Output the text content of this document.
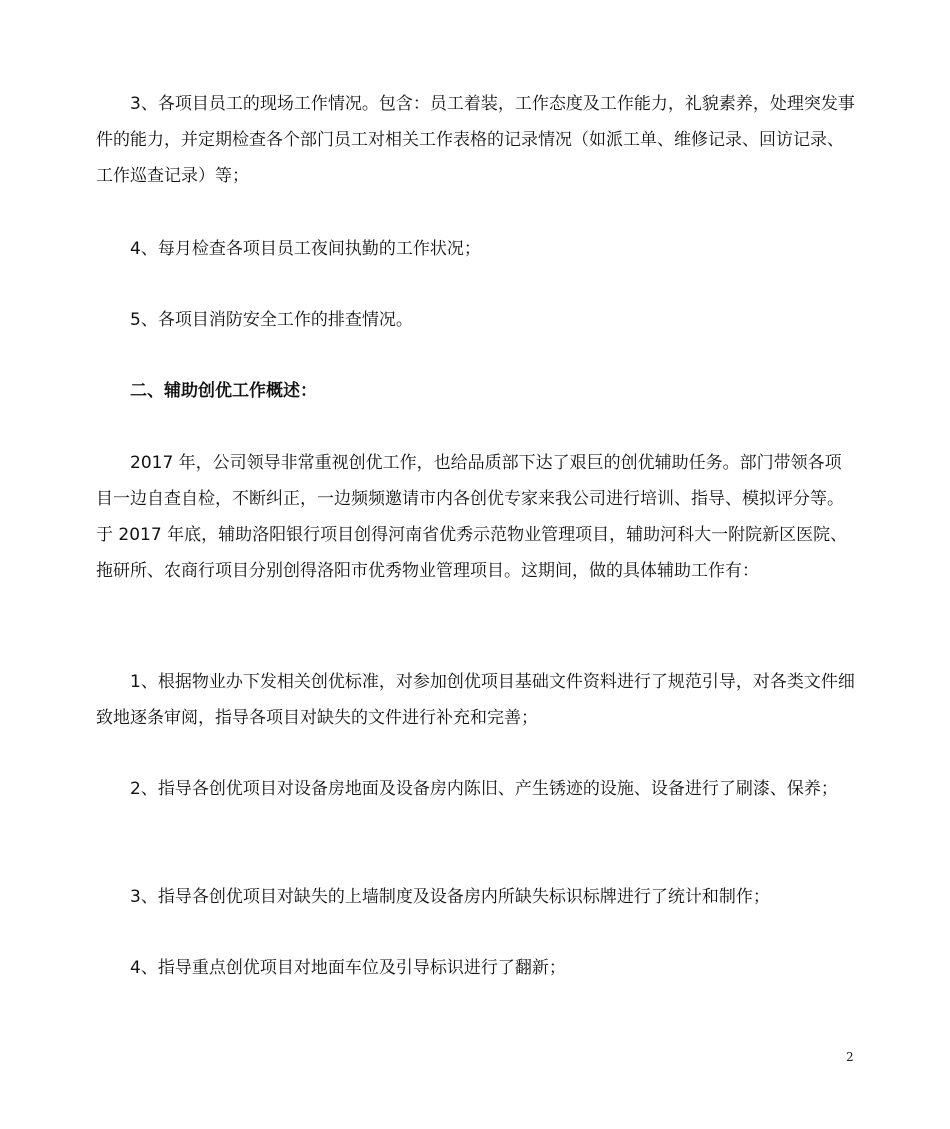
3、各项目员工的现场工作情况。包含：员工着装，工作态度及工作能力，礼貌素养，处理突发事件的能力，并定期检查各个部门员工对相关工作表格的记录情况（如派工单、维修记录、回访记录、工作巡查记录）等；
4、每月检查各项目员工夜间执勤的工作状况；
5、各项目消防安全工作的排查情况。
二、辅助创优工作概述：
2017 年，公司领导非常重视创优工作，也给品质部下达了艰巨的创优辅助任务。部门带领各项目一边自查自检，不断纠正，一边频频邀请市内各创优专家来我公司进行培训、指导、模拟评分等。于 2017 年底，辅助洛阳银行项目创得河南省优秀示范物业管理项目，辅助河科大一附院新区医院、拖研所、农商行项目分别创得洛阳市优秀物业管理项目。这期间，做的具体辅助工作有：
1、根据物业办下发相关创优标准，对参加创优项目基础文件资料进行了规范引导，对各类文件细致地逐条审阅，指导各项目对缺失的文件进行补充和完善；
2、指导各创优项目对设备房地面及设备房内陈旧、产生锈迹的设施、设备进行了刷漆、保养；
3、指导各创优项目对缺失的上墙制度及设备房内所缺失标识标牌进行了统计和制作；
4、指导重点创优项目对地面车位及引导标识进行了翻新；
2
